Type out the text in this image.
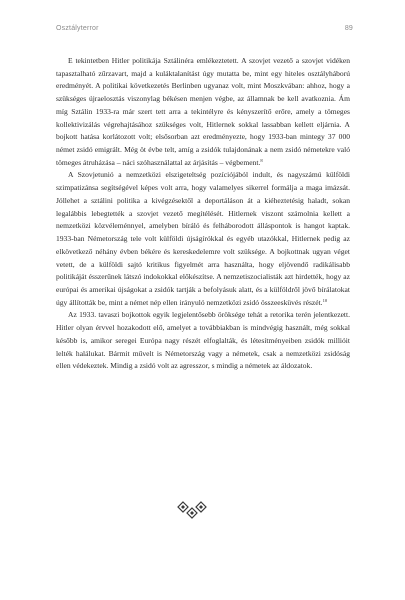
Osztályterror	89

E tekintetben Hitler politikája Sztálinéra emlékeztetett. A szovjet vezető a szovjet vidéken tapasztalható zűrzavart, majd a kuláktalanítást úgy mutatta be, mint egy hiteles osztályháború eredményét. A politikai következetés Berlinben ugyanaz volt, mint Moszkvában: ahhoz, hogy a szükséges újraelosztás viszonylag békésen menjen végbe, az államnak be kell avatkoznia. Ám míg Sztálin 1933-ra már szert tett arra a tekintélyre és kényszerítő erőre, amely a tömeges kollektivizálás végrehajtásához szükséges volt, Hitlernek sokkal lassabban kellett eljárnia. A bojkott hatása korlátozott volt; elsősorban azt eredményezte, hogy 1933-ban mintegy 37 000 német zsidó emigrált. Még öt évbe telt, amíg a zsidók tulajdonának a nem zsidó németekre való tömeges átruházása – náci szóhasználattal az árjásítás – végbement.$^8$

A Szovjetunió a nemzetközi elszigeteltség pozíciójából indult, és nagyszámú külföldi szimpatizánsa segítségével képes volt arra, hogy valamelyes sikerrel formálja a maga imázsát. Jóllehet a sztálini politika a kivégzésektől a deportáláson át a kiéheztetésig haladt, sokan legalábbis lebegtették a szovjet vezető megítélését. Hitlernek viszont számolnia kellett a nemzetközi közvéleménnyel, amelyben bíráló és felháborodott álláspontok is hangot kaptak. 1933-ban Németország tele volt külföldi újságírókkal és egyéb utazókkal, Hitlernek pedig az elkövetkező néhány évben békére és kereskedelemre volt szüksége. A bojkottnak ugyan véget vetett, de a külföldi sajtó kritikus figyelmét arra használta, hogy eljövendő radikálisabb politikáját ésszerűnek látszó indokokkal előkészítse. A nemzetiszocialisták azt hirdették, hogy az európai és amerikai újságokat a zsidók tartják a befolyásuk alatt, és a külföldről jövő bírálatokat úgy állították be, mint a német nép ellen irányuló nemzetközi zsidó összeesküvés részét.$^{10}$

Az 1933. tavaszi bojkottok egyik legjelentősebb öröksége tehát a retorika terén jelentkezett. Hitler olyan érvvel hozakodott elő, amelyet a továbbiakban is mindvégig használt, még sokkal később is, amikor seregei Európa nagy részét elfoglalták, és létesítményeiben zsidók millióit lelték halálukat. Bármit művelt is Németország vagy a németek, csak a nemzetközi zsidóság ellen védekeztek. Mindig a zsidó volt az agresszor, s mindig a németek az áldozatok.
